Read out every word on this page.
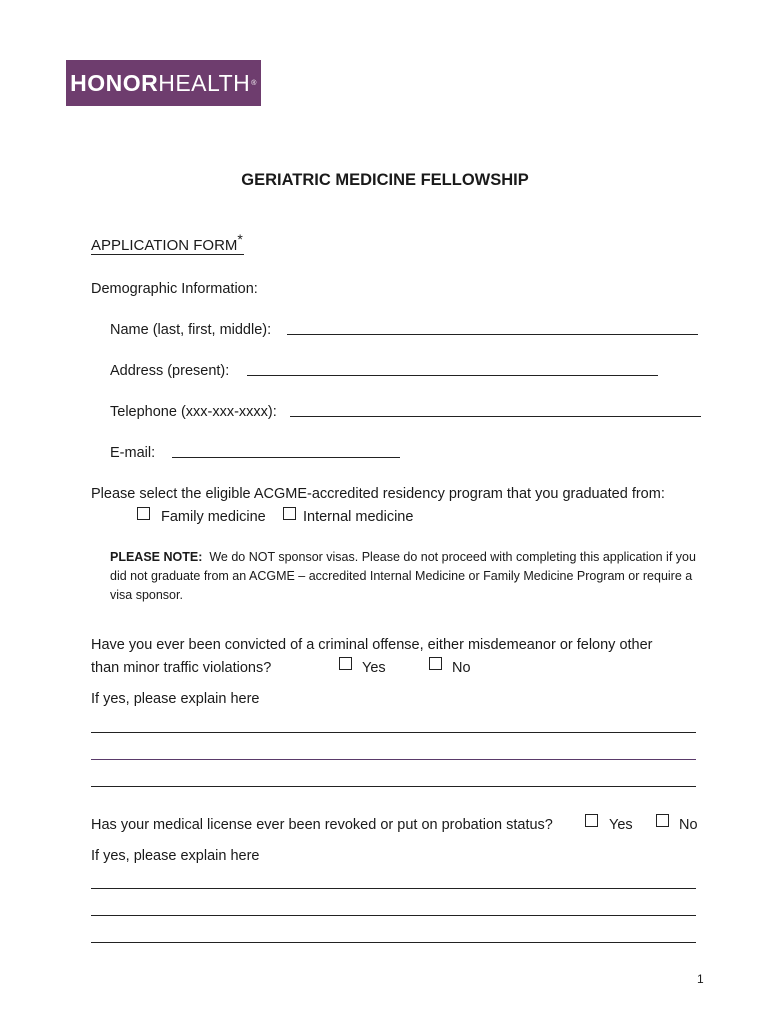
HONOR HEALTH ®
GERIATRIC MEDICINE FELLOWSHIP
APPLICATION FORM*
Demographic Information:
Name (last, first, middle):
Address (present):
Telephone (xxx-xxx-xxxx):
E-mail:
Please select the eligible ACGME-accredited residency program that you graduated from:
Family medicine	Internal medicine
PLEASE NOTE: We do NOT sponsor visas. Please do not proceed with completing this application if you did not graduate from an ACGME – accredited Internal Medicine or Family Medicine Program or require a visa sponsor.
Have you ever been convicted of a criminal offense, either misdemeanor or felony other
than minor traffic violations?	Yes	No
If yes, please explain here
Has your medical license ever been revoked or put on probation status?	Yes	No
If yes, please explain here
1
